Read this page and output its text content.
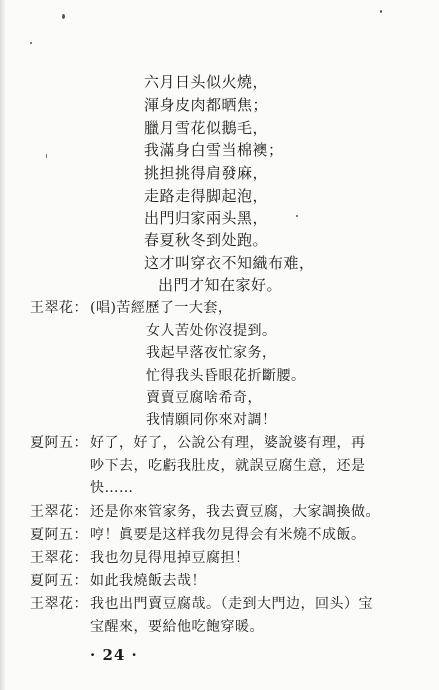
六月日头似火燒，
渾身皮肉都晒焦；
臘月雪花似鵝毛，
我滿身白雪当棉襖；
挑担挑得肩發麻，
走路走得脚起泡，
出門归家兩头黑，
春夏秋冬到处跑。
这才叫穿衣不知織布难，
出門才知在家好。
王翠花： (唱)苦經歷了一大套，
女人苦处你沒提到。
我起早落夜忙家务，
忙得我头昏眼花折斷腰。
賣賣豆腐啥希奇，
我情願同你來对調！
夏阿五： 好了，好了，公說公有理，婆說婆有理，再
吵下去，吃虧我肚皮，就誤豆腐生意，还是
快……
王翠花： 还是你來管家务，我去賣豆腐，大家調換做。
夏阿五： 哼！眞要是这样我勿見得会有米燒不成飯。
王翠花： 我也勿見得甩掉豆腐担！
夏阿五： 如此我燒飯去哉！
王翠花： 我也出門賣豆腐哉。（走到大門边，回头）宝
宝醒來，要給他吃飽穿暖。
· 24 ·
